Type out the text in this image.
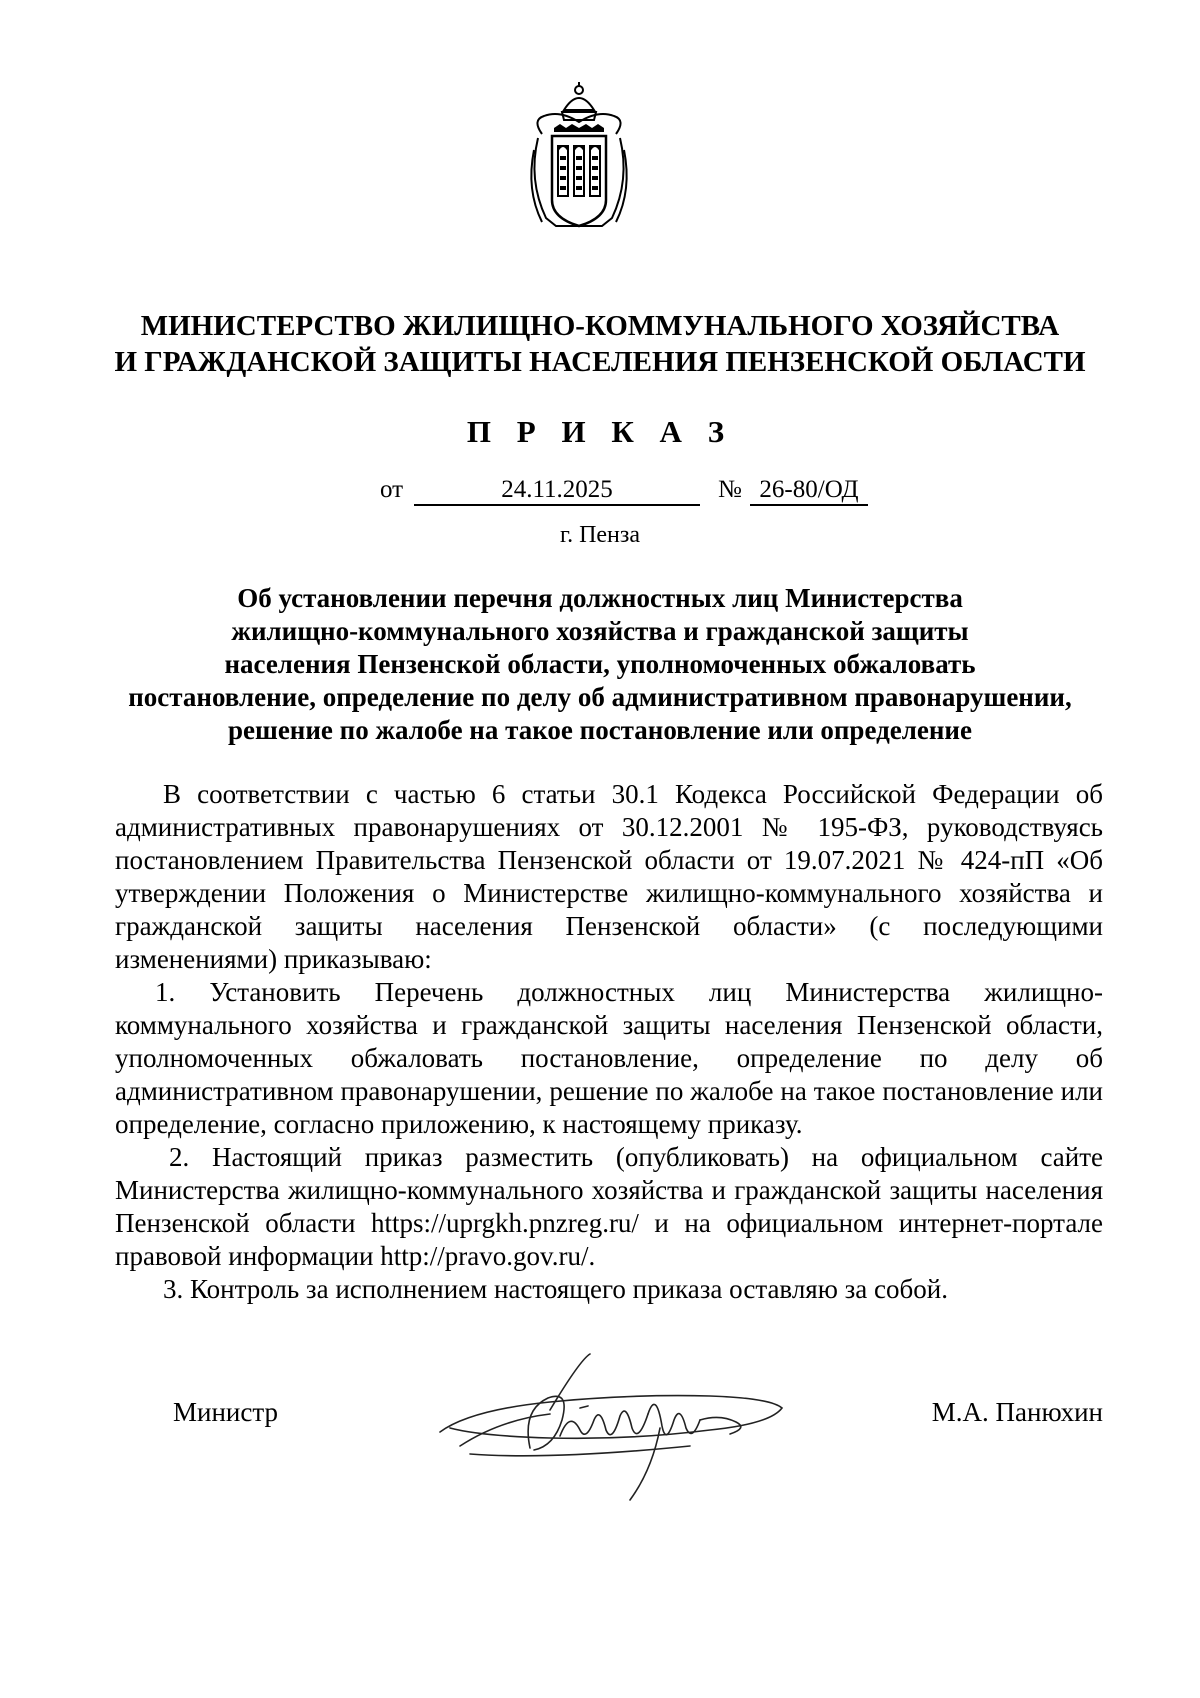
МИНИСТЕРСТВО ЖИЛИЩНО-КОММУНАЛЬНОГО ХОЗЯЙСТВА
И ГРАЖДАНСКОЙ ЗАЩИТЫ НАСЕЛЕНИЯ ПЕНЗЕНСКОЙ ОБЛАСТИ
П Р И К А З
от	24.11.2025	№ 26-80/ОД
г. Пенза
Об установлении перечня должностных лиц Министерства
жилищно-коммунального хозяйства и гражданской защиты
населения Пензенской области, уполномоченных обжаловать
постановление, определение по делу об административном правонарушении,
решение по жалобе на такое постановление или определение

В соответствии с частью 6 статьи 30.1 Кодекса Российской Федерации об административных правонарушениях от 30.12.2001 № 195-ФЗ, руководствуясь постановлением Правительства Пензенской области от 19.07.2021 № 424-пП «Об утверждении Положения о Министерстве жилищно-коммунального хозяйства и гражданской защиты населения Пензенской области» (с последующими изменениями) приказываю:

1. Установить Перечень должностных лиц Министерства жилищно-коммунального хозяйства и гражданской защиты населения Пензенской области, уполномоченных обжаловать постановление, определение по делу об административном правонарушении, решение по жалобе на такое постановление или определение, согласно приложению, к настоящему приказу.

2. Настоящий приказ разместить (опубликовать) на официальном сайте Министерства жилищно-коммунального хозяйства и гражданской защиты населения Пензенской области https://uprgkh.pnzreg.ru/ и на официальном интернет-портале правовой информации http://pravo.gov.ru/.

3. Контроль за исполнением настоящего приказа оставляю за собой.

Министр	М.А. Панюхин
